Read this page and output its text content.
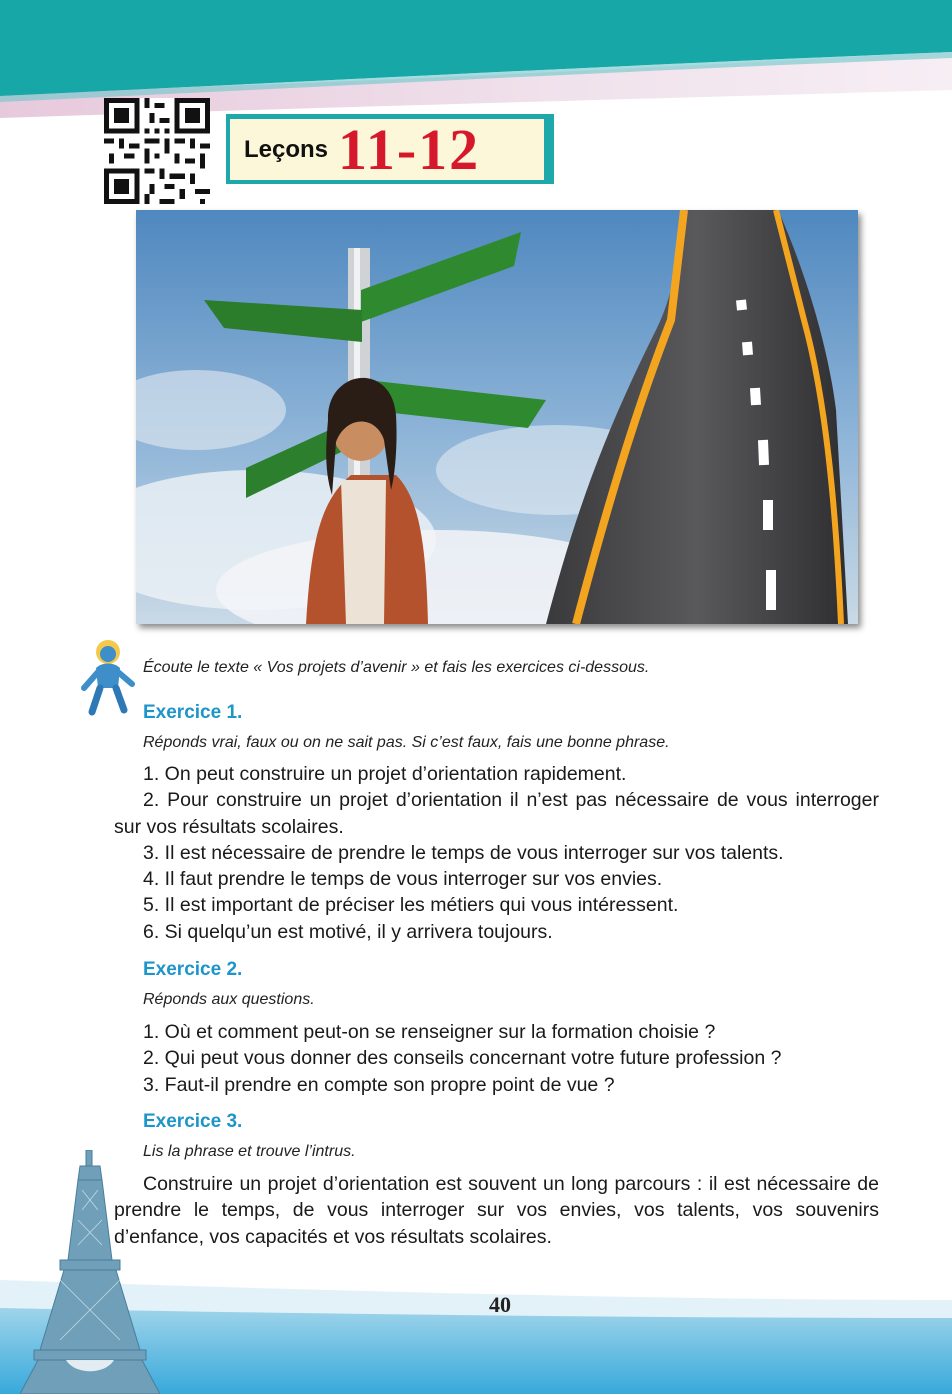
Leçons 11-12
Écoute le texte « Vos projets d’avenir » et fais les exercices ci-dessous.
Exercice 1.
Réponds vrai, faux ou on ne sait pas. Si c’est faux, fais une bonne phrase.

1. On peut construire un projet d’orientation rapidement.

2. Pour construire un projet d’orientation il n’est pas nécessaire de vous interroger sur vos résultats scolaires.

3. Il est nécessaire de prendre le temps de vous interroger sur vos talents.

4. Il faut prendre le temps de vous interroger sur vos envies.

5. Il est important de préciser les métiers qui vous intéressent.

6. Si quelqu’un est motivé, il y arrivera toujours.

Exercice 2.
Réponds aux questions.

1. Où et comment peut-on se renseigner sur la formation choisie ?

2. Qui peut vous donner des conseils concernant votre future profession ?

3. Faut-il prendre en compte son propre point de vue ?

Exercice 3.
Lis la phrase et trouve l’intrus.

Construire un projet d’orientation est souvent un long parcours : il est nécessaire de prendre le temps, de vous interroger sur vos envies, vos talents, vos souvenirs d’enfance, vos capacités et vos résultats scolaires.

40
